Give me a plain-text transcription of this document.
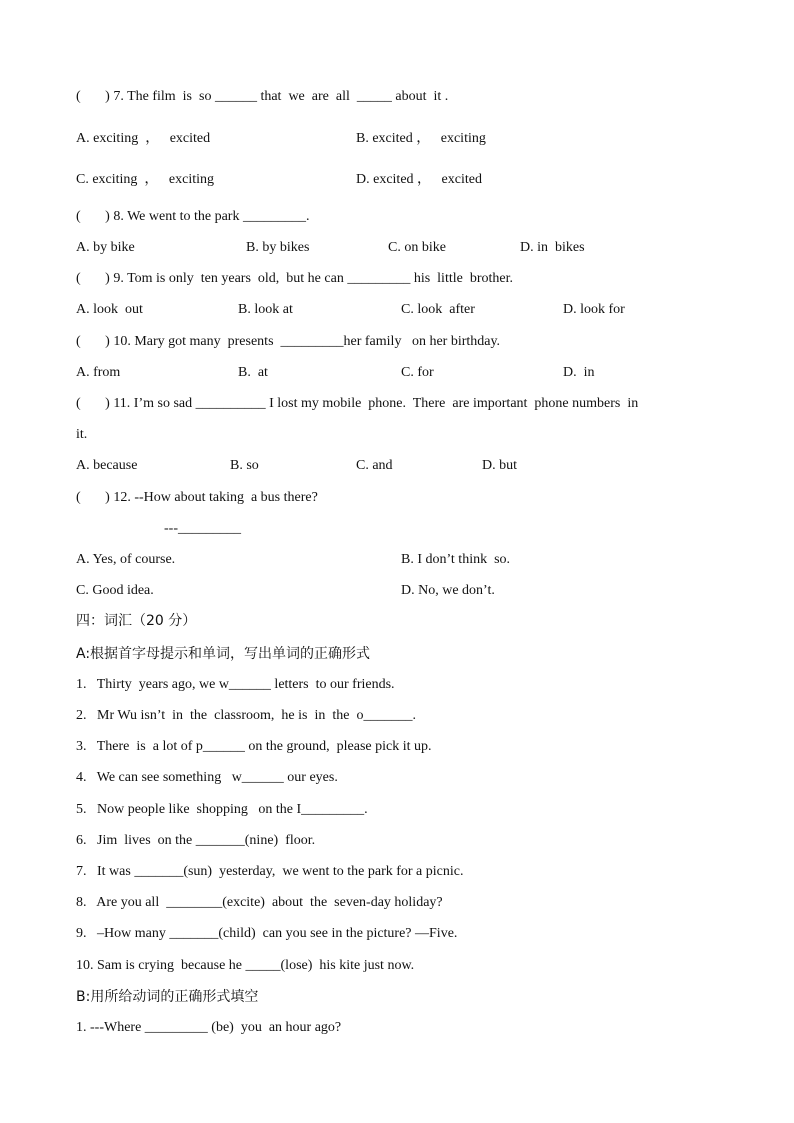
(       ) 7. The film  is  so ______ that  we  are  all  _____ about  it .
A. exciting  ，   excited	B. excited ，   exciting
C. exciting  ，   exciting	D. excited ，   excited
(       ) 8. We went to the park _________.
A. by bike	B. by bikes	C. on bike	D. in  bikes
(       ) 9. Tom is only  ten years  old,  but he can _________ his  little  brother.
A. look  out	B. look at	C. look  after	D. look for
(       ) 10. Mary got many  presents  _________her family   on her birthday.
A. from	B.  at	C. for	D.  in
(       ) 11. I’m so sad __________ I lost my mobile  phone.  There  are important  phone numbers  in
it.
A. because	B. so	C. and	D. but
(       ) 12. --How about taking  a bus there?
---_________
A. Yes, of course.	B. I don’t think  so.
C. Good idea.	D. No, we don’t.
四：词汇（20 分）
A:根据首字母提示和单词，写出单词的正确形式
1.   Thirty  years ago, we w______ letters  to our friends.
2.   Mr Wu isn’t  in  the  classroom,  he is  in  the  o_______.
3.   There  is  a lot of p______ on the ground,  please pick it up.
4.   We can see something   w______ our eyes.
5.   Now people like  shopping   on the I_________.
6.   Jim  lives  on the _______(nine)  floor.
7.   It was _______(sun)  yesterday,  we went to the park for a picnic.
8.   Are you all  ________(excite)  about  the  seven-day holiday?
9.   –How many _______(child)  can you see in the picture? —Five.
10. Sam is crying  because he _____(lose)  his kite just now.
B:用所给动词的正确形式填空
1. ---Where _________ (be)  you  an hour ago?
